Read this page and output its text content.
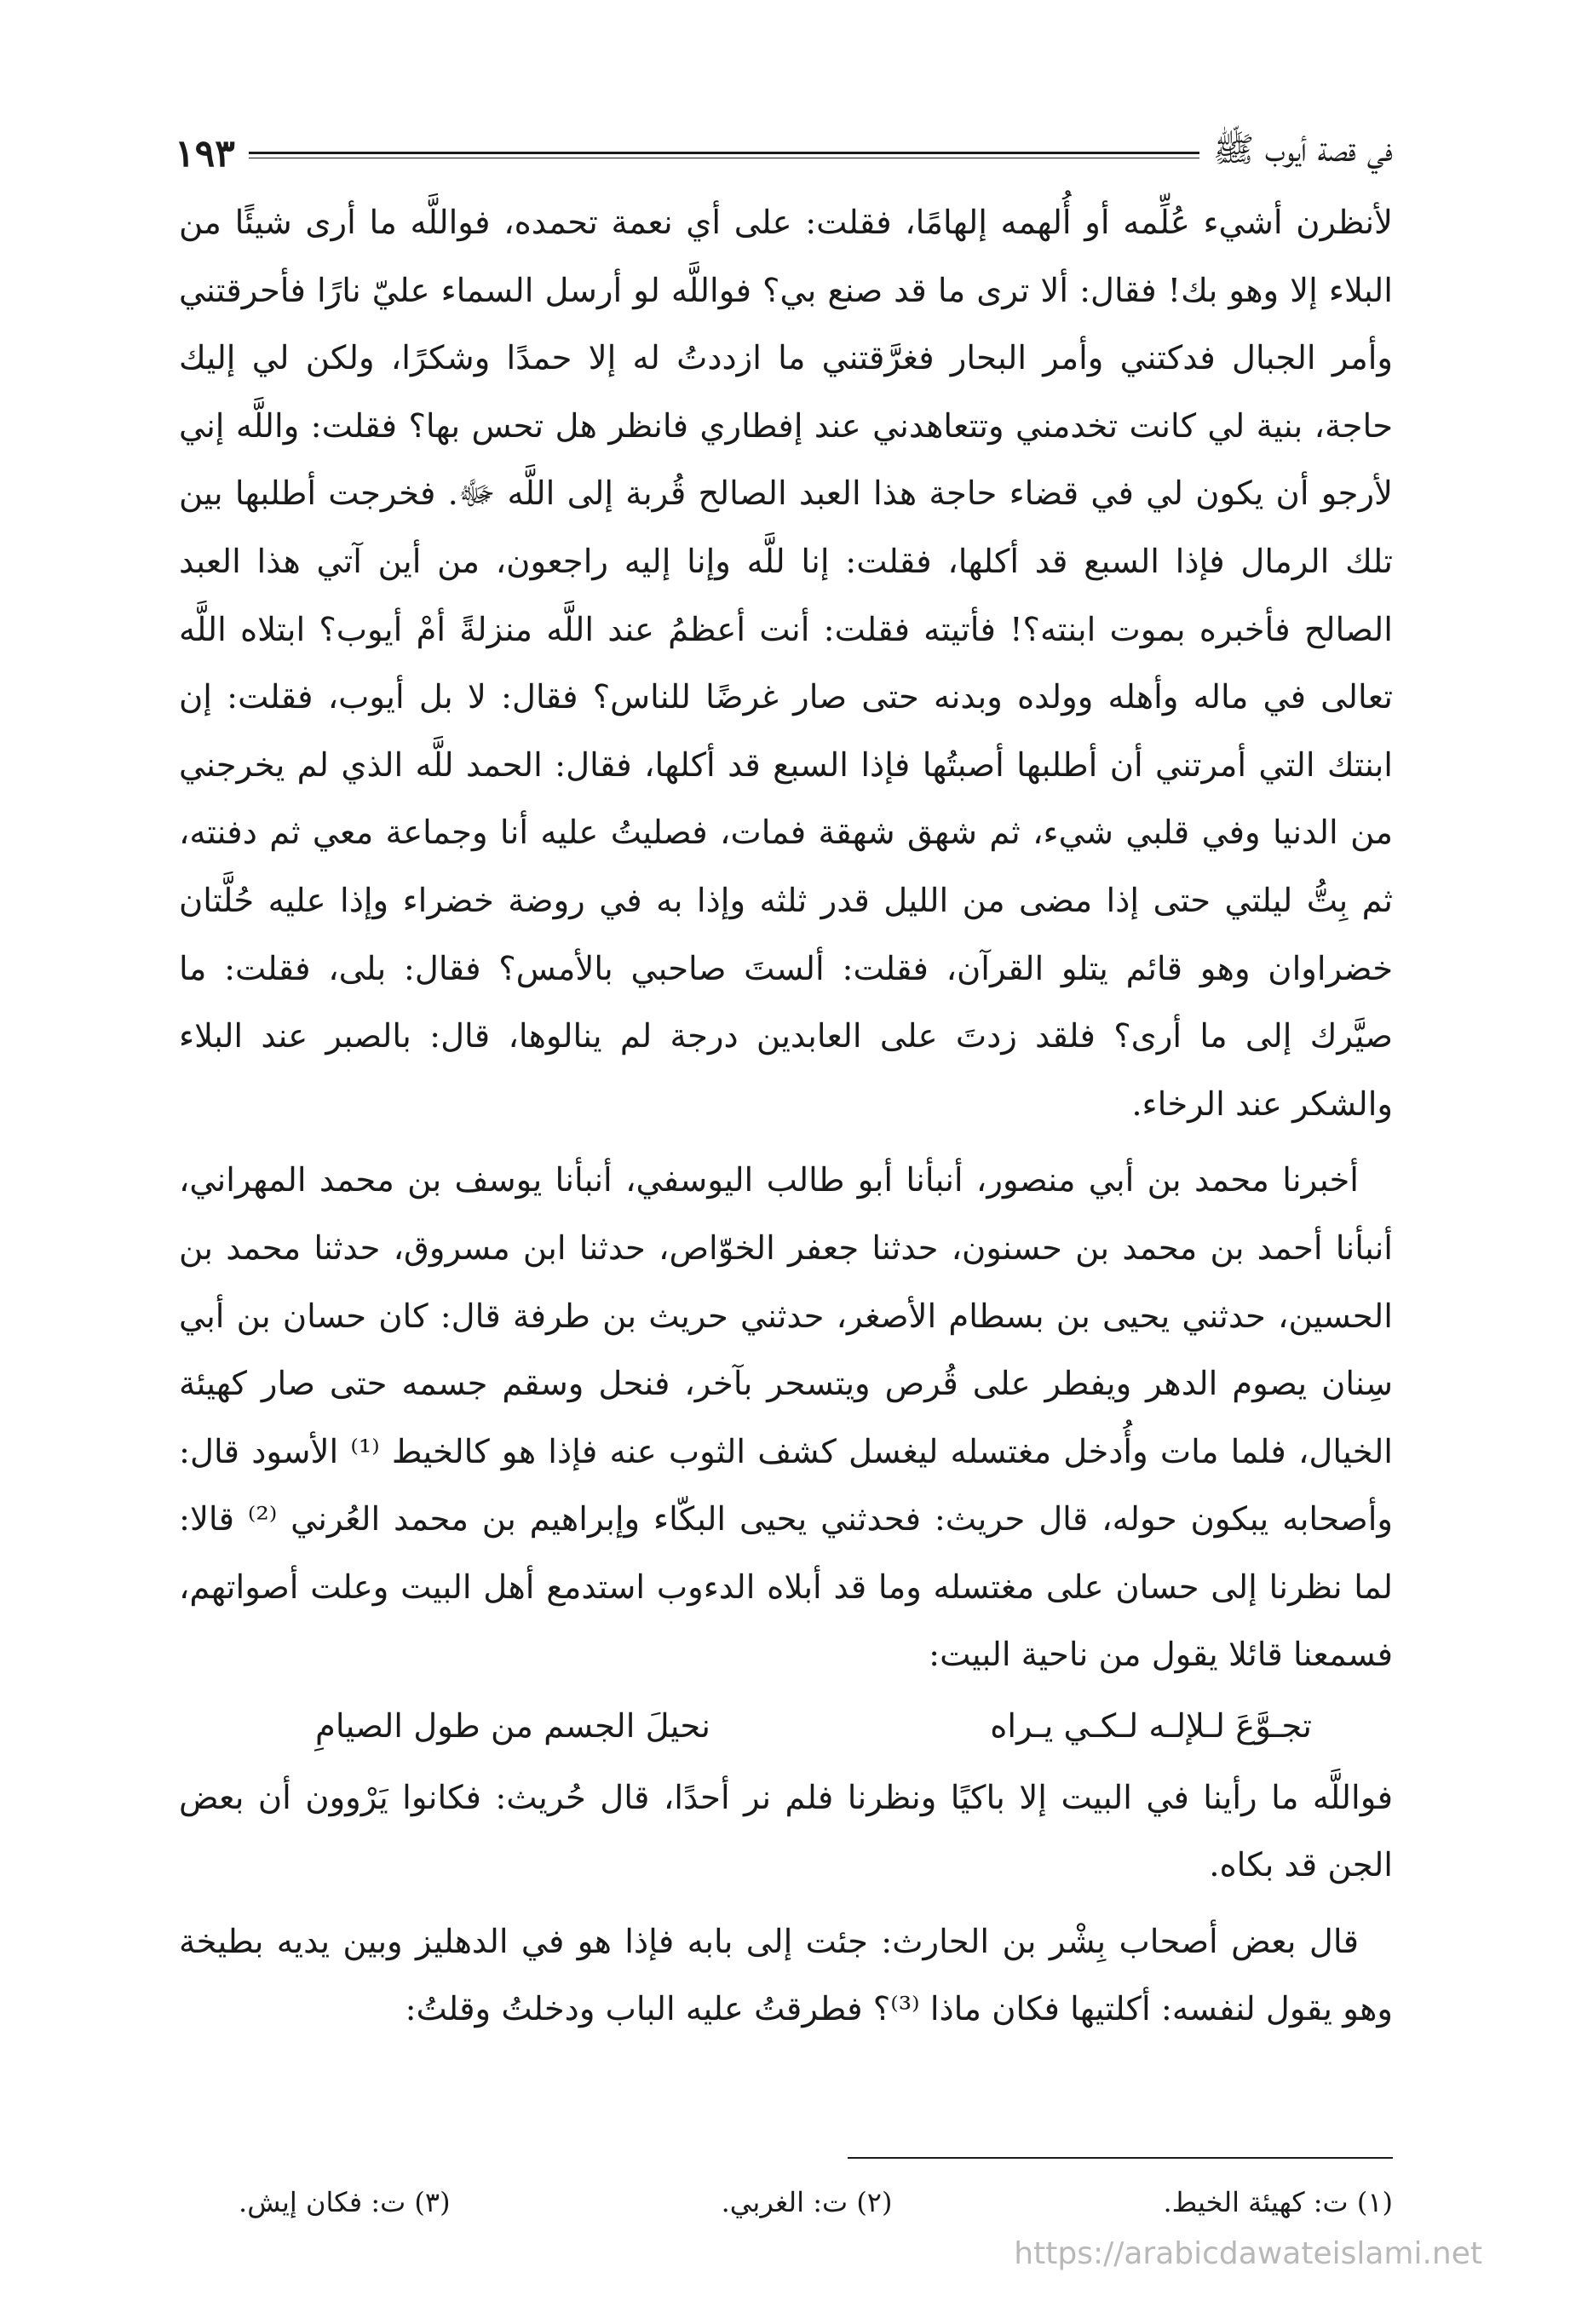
في قصة أيوب ﷺ
١٩٣

لأنظرن أشيء عُلِّمه أو أُلهمه إلهامًا، فقلت: على أي نعمة تحمده، فواللَّه ما أرى شيئًا من البلاء إلا وهو بك! فقال: ألا ترى ما قد صنع بي؟ فواللَّه لو أرسل السماء عليّ نارًا فأحرقتني وأمر الجبال فدكتني وأمر البحار فغرَّقتني ما ازددتُ له إلا حمدًا وشكرًا، ولكن لي إليك حاجة، بنية لي كانت تخدمني وتتعاهدني عند إفطاري فانظر هل تحس بها؟ فقلت: واللَّه إني لأرجو أن يكون لي في قضاء حاجة هذا العبد الصالح قُربة إلى اللَّه ﷻ. فخرجت أطلبها بين تلك الرمال فإذا السبع قد أكلها، فقلت: إنا للَّه وإنا إليه راجعون، من أين آتي هذا العبد الصالح فأخبره بموت ابنته؟! فأتيته فقلت: أنت أعظمُ عند اللَّه منزلةً أمْ أيوب؟ ابتلاه اللَّه تعالى في ماله وأهله وولده وبدنه حتى صار غرضًا للناس؟ فقال: لا بل أيوب، فقلت: إن ابنتك التي أمرتني أن أطلبها أصبتُها فإذا السبع قد أكلها، فقال: الحمد للَّه الذي لم يخرجني من الدنيا وفي قلبي شيء، ثم شهق شهقة فمات، فصليتُ عليه أنا وجماعة معي ثم دفنته، ثم بِتُّ ليلتي حتى إذا مضى من الليل قدر ثلثه وإذا به في روضة خضراء وإذا عليه حُلَّتان خضراوان وهو قائم يتلو القرآن، فقلت: ألستَ صاحبي بالأمس؟ فقال: بلى، فقلت: ما صيَّرك إلى ما أرى؟ فلقد زدتَ على العابدين درجة لم ينالوها، قال: بالصبر عند البلاء والشكر عند الرخاء.

أخبرنا محمد بن أبي منصور، أنبأنا أبو طالب اليوسفي، أنبأنا يوسف بن محمد المهراني، أنبأنا أحمد بن محمد بن حسنون، حدثنا جعفر الخوّاص، حدثنا ابن مسروق، حدثنا محمد بن الحسين، حدثني يحيى بن بسطام الأصغر، حدثني حريث بن طرفة قال: كان حسان بن أبي سِنان يصوم الدهر ويفطر على قُرص ويتسحر بآخر، فنحل وسقم جسمه حتى صار كهيئة الخيال، فلما مات وأُدخل مغتسله ليغسل كشف الثوب عنه فإذا هو كالخيط ⁽¹⁾ الأسود قال: وأصحابه يبكون حوله، قال حريث: فحدثني يحيى البكّاء وإبراهيم بن محمد العُرني ⁽²⁾ قالا: لما نظرنا إلى حسان على مغتسله وما قد أبلاه الدءوب استدمع أهل البيت وعلت أصواتهم، فسمعنا قائلا يقول من ناحية البيت:

تجـوَّعَ لـلإلـه لـكـي يـراه
نحيلَ الجسم من طول الصيامِ

فواللَّه ما رأينا في البيت إلا باكيًا ونظرنا فلم نر أحدًا، قال حُريث: فكانوا يَرْوون أن بعض الجن قد بكاه.

قال بعض أصحاب بِشْر بن الحارث: جئت إلى بابه فإذا هو في الدهليز وبين يديه بطيخة وهو يقول لنفسه: أكلتيها فكان ماذا ⁽³⁾؟ فطرقتُ عليه الباب ودخلتُ وقلتُ:

(١) ت: كهيئة الخيط.
(٢) ت: الغربي.
(٣) ت: فكان إيش.
https://arabicdawateislami.net
